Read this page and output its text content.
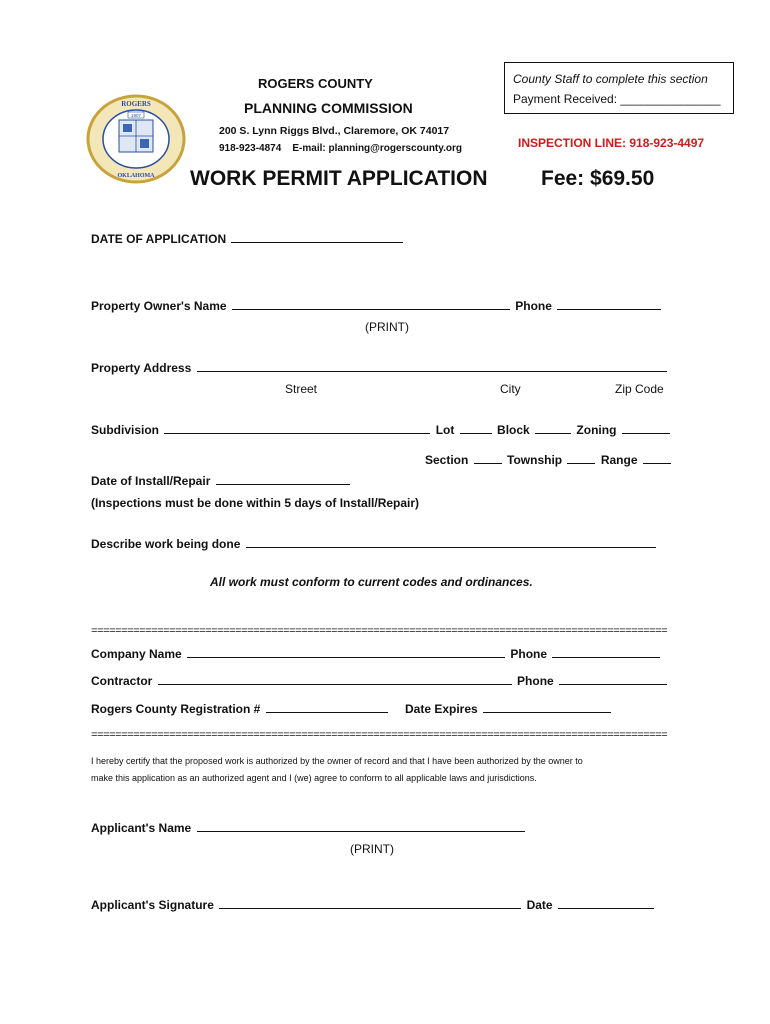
1907
ROGERS
OKLAHOMA
ROGERS COUNTY
PLANNING COMMISSION
200 S. Lynn Riggs Blvd., Claremore, OK 74017
918-923-4874    E-mail: planning@rogerscounty.org
WORK PERMIT APPLICATION	Fee: $69.50
County Staff to complete this section
Payment Received: _______________
INSPECTION LINE: 918-923-4497
DATE OF APPLICATION
Property Owner's Name	Phone
(PRINT)
Property Address
Street	City	Zip Code
Subdivision	Lot	Block	Zoning
Section	Township	Range
Date of Install/Repair
(Inspections must be done within 5 days of Install/Repair)
Describe work being done
All work must conform to current codes and ordinances.
================================================================================================
Company Name	Phone
Contractor	Phone
Rogers County Registration #	Date Expires
================================================================================================
I hereby certify that the proposed work is authorized by the owner of record and that I have been authorized by the owner to
make this application as an authorized agent and I (we) agree to conform to all applicable laws and jurisdictions.
Applicant's Name
(PRINT)
Applicant's Signature	Date
